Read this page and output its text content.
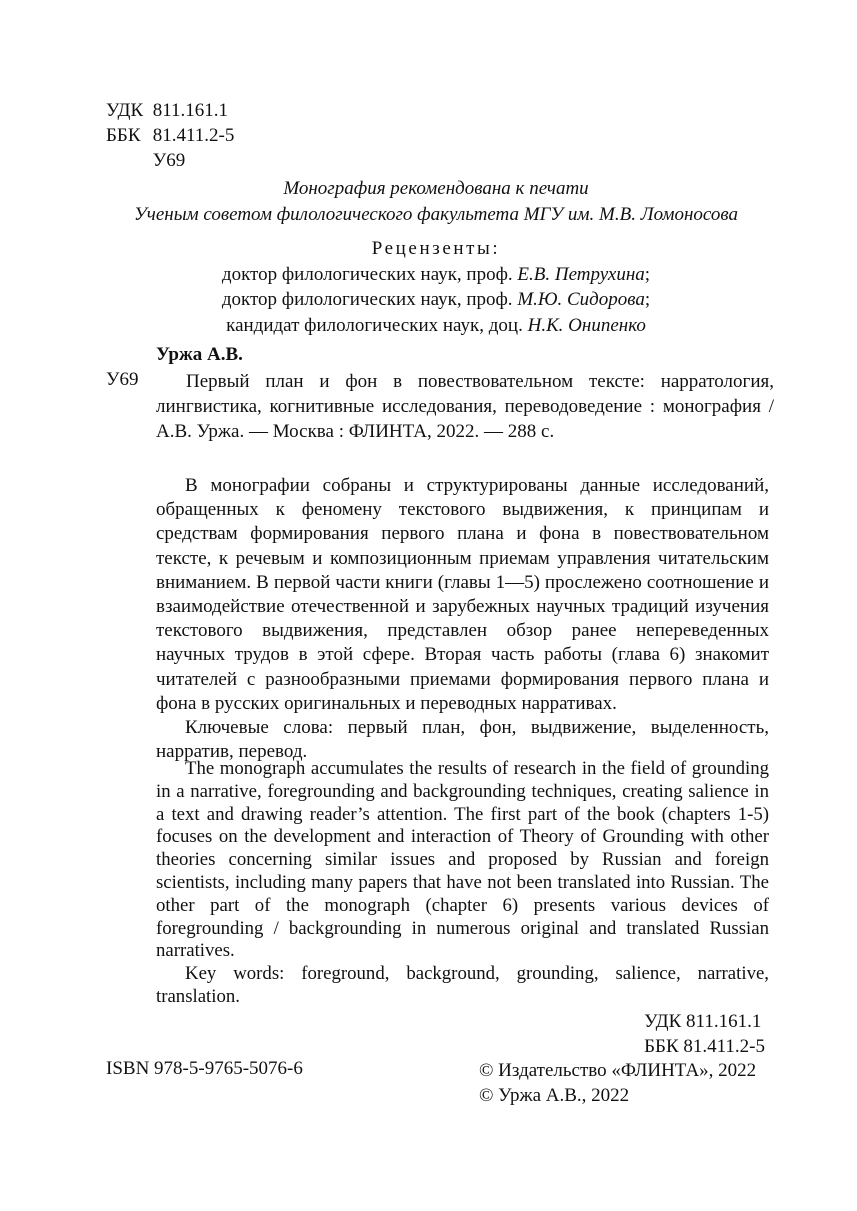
УДК 811.161.1
ББК 81.411.2-5
У69
Монография рекомендована к печати
Ученым советом филологического факультета МГУ им. М.В. Ломоносова
Рецензенты:
доктор филологических наук, проф. Е.В. Петрухина;
доктор филологических наук, проф. М.Ю. Сидорова;
кандидат филологических наук, доц. Н.К. Онипенко
Уржа А.В.
У69	Первый план и фон в повествовательном тексте: нарратология, лингвистика, когнитивные исследования, переводоведение : монография / А.В. Уржа. — Москва : ФЛИНТА, 2022. — 288 с.

В монографии собраны и структурированы данные исследований, обращенных к феномену текстового выдвижения, к принципам и средствам формирования первого плана и фона в повествовательном тексте, к речевым и композиционным приемам управления читательским вниманием. В первой части книги (главы 1—5) прослежено соотношение и взаимодействие отечественной и зарубежных научных традиций изучения текстового выдвижения, представлен обзор ранее непереведенных научных трудов в этой сфере. Вторая часть работы (глава 6) знакомит читателей с разнообразными приемами формирования первого плана и фона в русских оригинальных и переводных нарративах.

Ключевые слова: первый план, фон, выдвижение, выделенность, нарратив, перевод.

The monograph accumulates the results of research in the field of grounding in a narrative, foregrounding and backgrounding techniques, creating salience in a text and drawing reader’s attention. The first part of the book (chapters 1-5) focuses on the development and interaction of Theory of Grounding with other theories concerning similar issues and proposed by Russian and foreign scientists, including many papers that have not been translated into Russian. The other part of the monograph (chapter 6) presents various devices of foregrounding / backgrounding in numerous original and translated Russian narratives.

Key words: foreground, background, grounding, salience, narrative, translation.

УДК 811.161.1
ББК 81.411.2-5
ISBN 978-5-9765-5076-6	© Издательство «ФЛИНТА», 2022
© Уржа А.В., 2022
